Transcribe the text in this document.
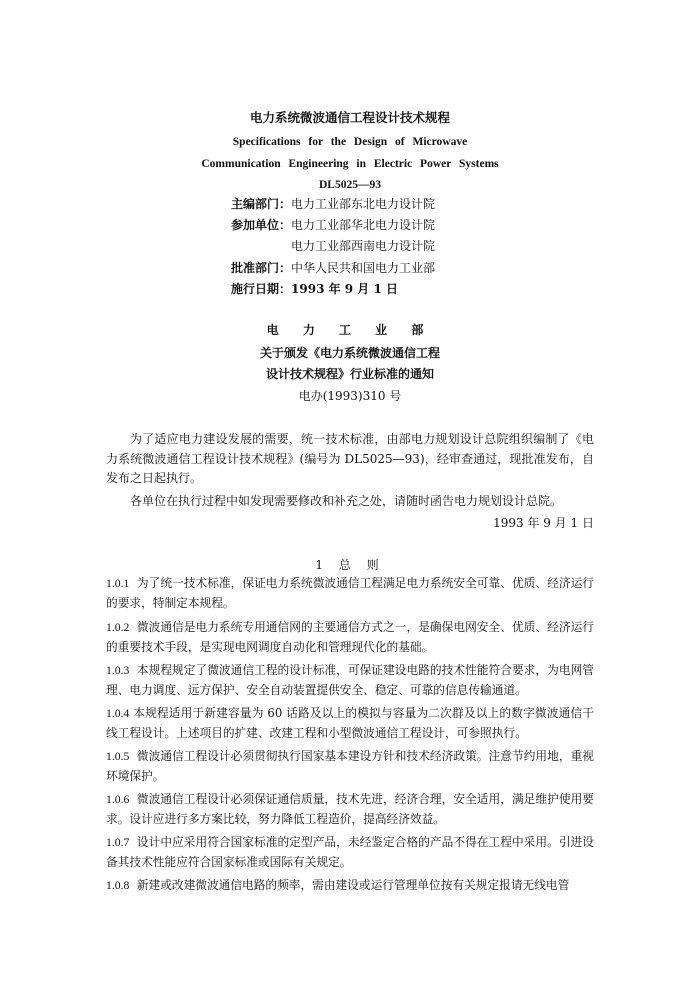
电力系统微波通信工程设计技术规程
Specifications for the Design of Microwave
Communication Engineering in Electric Power Systems
DL5025—93
主编部门：电力工业部东北电力设计院
参加单位：电力工业部华北电力设计院
电力工业部西南电力设计院
批准部门：中华人民共和国电力工业部
施行日期：1993 年 9 月 1 日
电 力 工 业 部
关于颁发《电力系统微波通信工程
设计技术规程》行业标准的通知
电办(1993)310 号
为了适应电力建设发展的需要，统一技术标准，由部电力规划设计总院组织编制了《电力系统微波通信工程设计技术规程》(编号为 DL5025—93)，经审查通过，现批准发布，自发布之日起执行。
各单位在执行过程中如发现需要修改和补充之处，请随时函告电力规划设计总院。
1993 年 9 月 1 日
1 总 则
1.0.1 为了统一技术标准，保证电力系统微波通信工程满足电力系统安全可靠、优质、经济运行的要求，特制定本规程。
1.0.2 微波通信是电力系统专用通信网的主要通信方式之一，是确保电网安全、优质、经济运行的重要技术手段，是实现电网调度自动化和管理现代化的基础。
1.0.3 本规程规定了微波通信工程的设计标准，可保证建设电路的技术性能符合要求，为电网管理、电力调度、远方保护、安全自动装置提供安全、稳定、可靠的信息传输通道。
1.0.4 本规程适用于新建容量为 60 话路及以上的模拟与容量为二次群及以上的数字微波通信干线工程设计。上述项目的扩建、改建工程和小型微波通信工程设计，可参照执行。
1.0.5 微波通信工程设计必须贯彻执行国家基本建设方针和技术经济政策。注意节约用地，重视环境保护。
1.0.6 微波通信工程设计必须保证通信质量，技术先进，经济合理，安全适用，满足维护使用要求。设计应进行多方案比较，努力降低工程造价，提高经济效益。
1.0.7 设计中应采用符合国家标准的定型产品，未经鉴定合格的产品不得在工程中采用。引进设备其技术性能应符合国家标准或国际有关规定。
1.0.8 新建或改建微波通信电路的频率，需由建设或运行管理单位按有关规定报请无线电管
